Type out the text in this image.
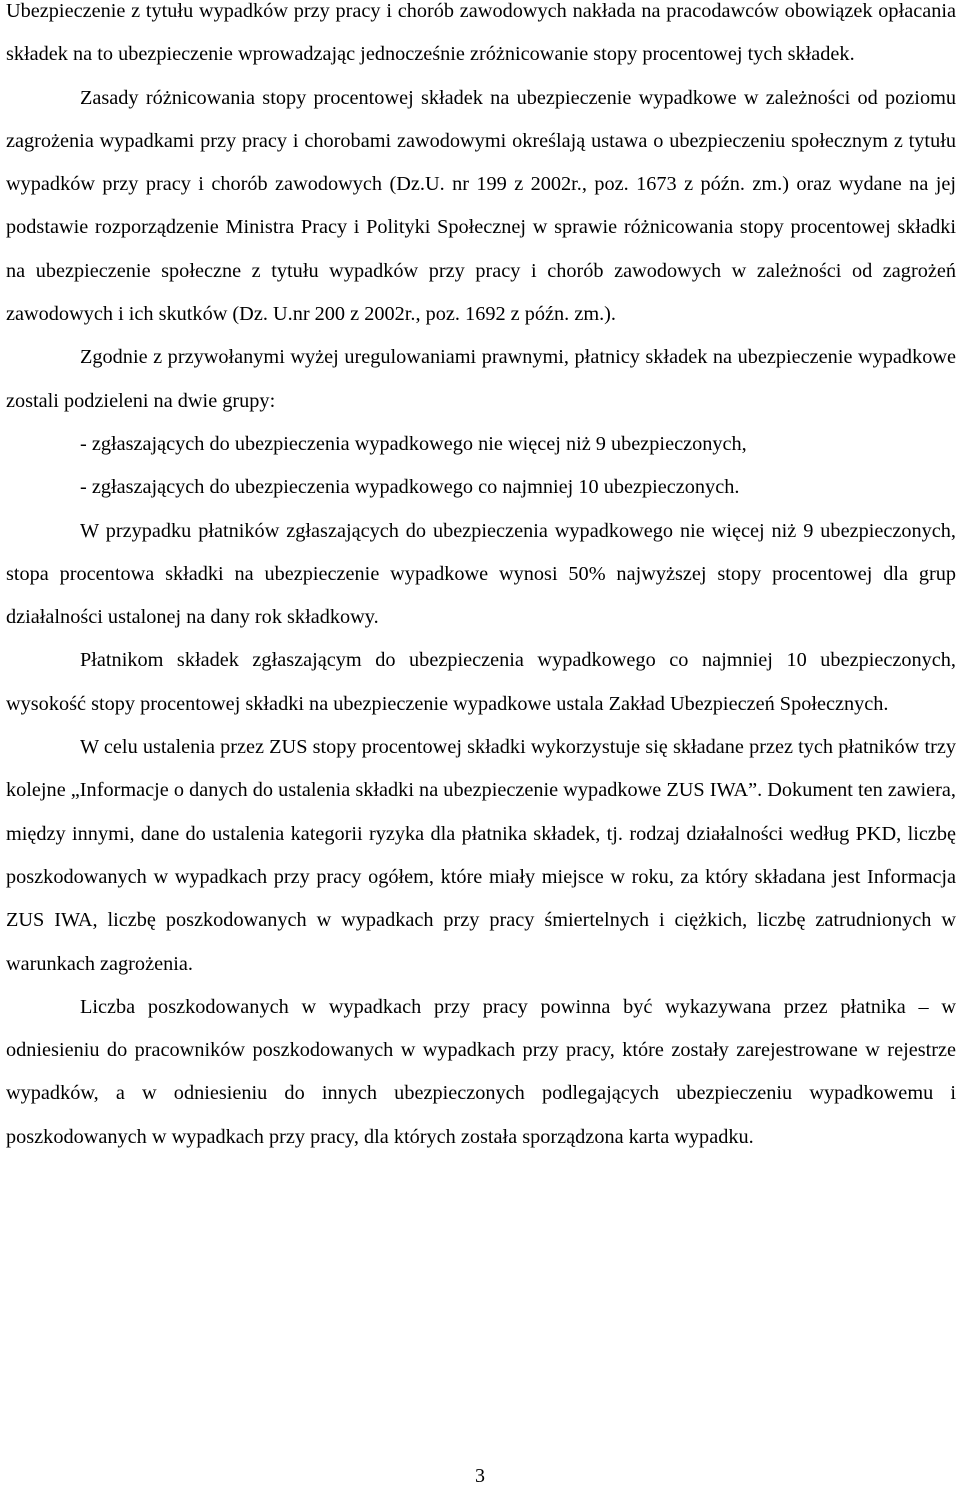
Ubezpieczenie z tytułu wypadków przy pracy i chorób zawodowych nakłada na pracodawców obowiązek opłacania składek na to ubezpieczenie wprowadzając jednocześnie zróżnicowanie stopy procentowej tych składek.

Zasady różnicowania stopy procentowej składek na ubezpieczenie wypadkowe w zależności od poziomu zagrożenia wypadkami przy pracy i chorobami zawodowymi określają ustawa o ubezpieczeniu społecznym z tytułu wypadków przy pracy i chorób zawodowych (Dz.U. nr 199 z 2002r., poz. 1673 z późn. zm.) oraz wydane na jej podstawie rozporządzenie Ministra Pracy i Polityki Społecznej w sprawie różnicowania stopy procentowej składki na ubezpieczenie społeczne z tytułu wypadków przy pracy i chorób zawodowych w zależności od zagrożeń zawodowych i ich skutków (Dz. U.nr 200 z 2002r., poz. 1692 z późn. zm.).

Zgodnie z przywołanymi wyżej uregulowaniami prawnymi, płatnicy składek na ubezpieczenie wypadkowe zostali podzieleni na dwie grupy:

- zgłaszających do ubezpieczenia wypadkowego nie więcej niż 9 ubezpieczonych,

- zgłaszających do ubezpieczenia wypadkowego co najmniej 10 ubezpieczonych.

W przypadku płatników zgłaszających do ubezpieczenia wypadkowego nie więcej niż 9 ubezpieczonych, stopa procentowa składki na ubezpieczenie wypadkowe wynosi 50% najwyższej stopy procentowej dla grup działalności ustalonej na dany rok składkowy.

Płatnikom składek zgłaszającym do ubezpieczenia wypadkowego co najmniej 10 ubezpieczonych, wysokość stopy procentowej składki na ubezpieczenie wypadkowe ustala Zakład Ubezpieczeń Społecznych.

W celu ustalenia przez ZUS stopy procentowej składki wykorzystuje się składane przez tych płatników trzy kolejne „Informacje o danych do ustalenia składki na ubezpieczenie wypadkowe ZUS IWA”. Dokument ten zawiera, między innymi, dane do ustalenia kategorii ryzyka dla płatnika składek, tj. rodzaj działalności według PKD, liczbę poszkodowanych w wypadkach przy pracy ogółem, które miały miejsce w roku, za który składana jest Informacja ZUS IWA, liczbę poszkodowanych w wypadkach przy pracy śmiertelnych i ciężkich, liczbę zatrudnionych w warunkach zagrożenia.

Liczba poszkodowanych w wypadkach przy pracy powinna być wykazywana przez płatnika – w odniesieniu do pracowników poszkodowanych w wypadkach przy pracy, które zostały zarejestrowane w rejestrze wypadków, a w odniesieniu do innych ubezpieczonych podlegających ubezpieczeniu wypadkowemu i poszkodowanych w wypadkach przy pracy, dla których została sporządzona karta wypadku.

3
